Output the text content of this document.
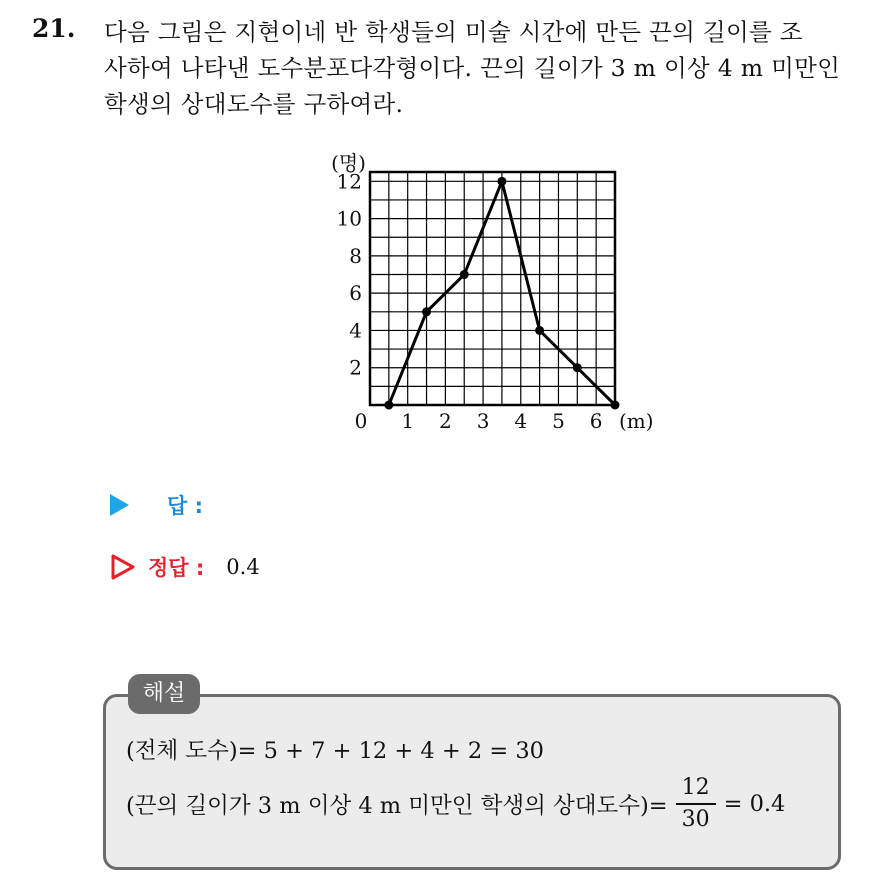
21. 다음 그림은 지현이네 반 학생들의 미술 시간에 만든 끈의 길이를 조
사하여 나타낸 도수분포다각형이다. 끈의 길이가 3 m 이상 4 m 미만인
학생의 상대도수를 구하여라.

2
4
6
8
10
12
0 1 2 3 4 5 6
(명)
(m)
답 :
정답 : 0.4
해설
(전체 도수)= 5 + 7 + 12 + 4 + 2 = 30
(끈의 길이가 3 m 이상 4 m 미만인 학생의 상대도수)= $\frac{12}{30} = 0.4$
